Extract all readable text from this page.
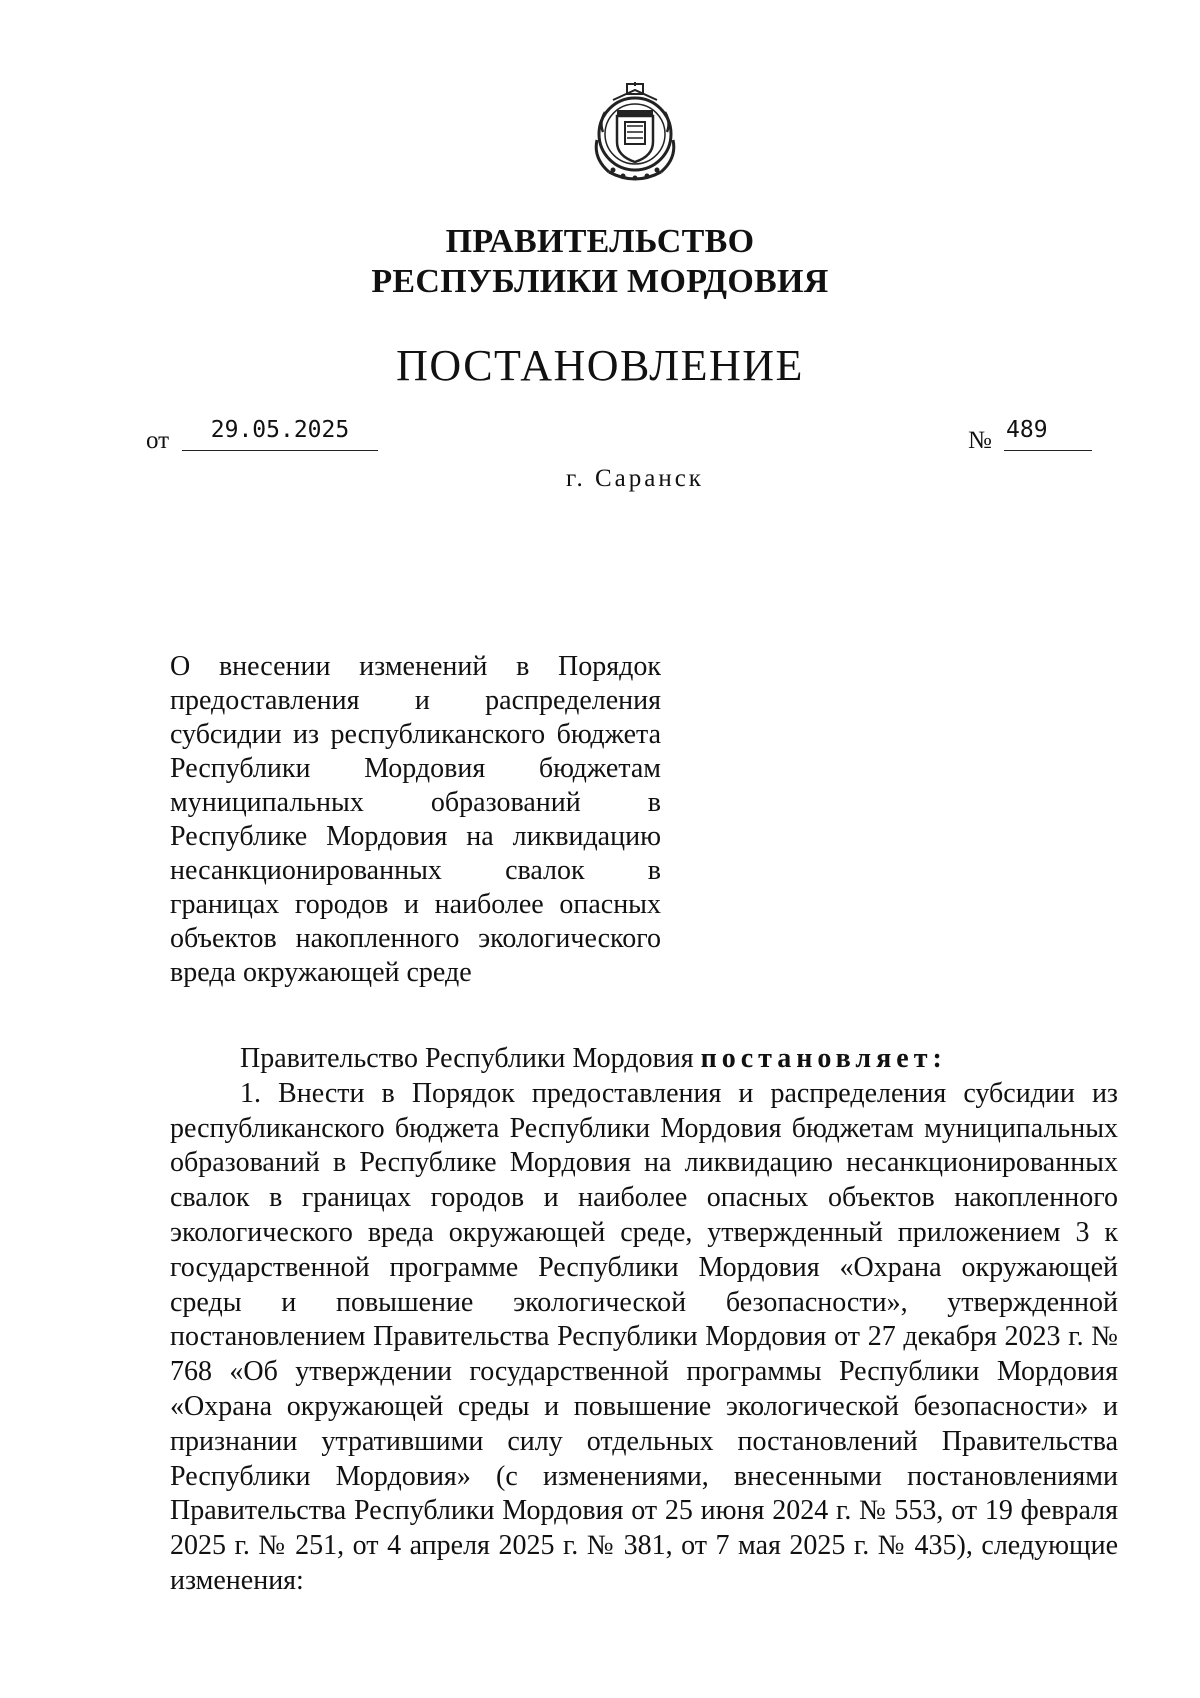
ПРАВИТЕЛЬСТВО
РЕСПУБЛИКИ МОРДОВИЯ
ПОСТАНОВЛЕНИЕ
от	29.05.2025	№ 489
г. Саранск
О внесении изменений в Порядок предоставления и распределения субсидии из республиканского бюджета Республики Мордовия бюджетам муниципальных образований в Республике Мордовия на ликвидацию несанкционированных свалок в границах городов и наиболее опасных объектов накопленного экологического вреда окружающей среде

Правительство Республики Мордовия постановляет:

1. Внести в Порядок предоставления и распределения субсидии из республиканского бюджета Республики Мордовия бюджетам муниципальных образований в Республике Мордовия на ликвидацию несанкционированных свалок в границах городов и наиболее опасных объектов накопленного экологического вреда окружающей среде, утвержденный приложением 3 к государственной программе Республики Мордовия «Охрана окружающей среды и повышение экологической безопасности», утвержденной постановлением Правительства Республики Мордовия от 27 декабря 2023 г. № 768 «Об утверждении государственной программы Республики Мордовия «Охрана окружающей среды и повышение экологической безопасности» и признании утратившими силу отдельных постановлений Правительства Республики Мордовия» (с изменениями, внесенными постановлениями Правительства Республики Мордовия от 25 июня 2024 г. № 553, от 19 февраля 2025 г. № 251, от 4 апреля 2025 г. № 381, от 7 мая 2025 г. № 435), следующие изменения:
